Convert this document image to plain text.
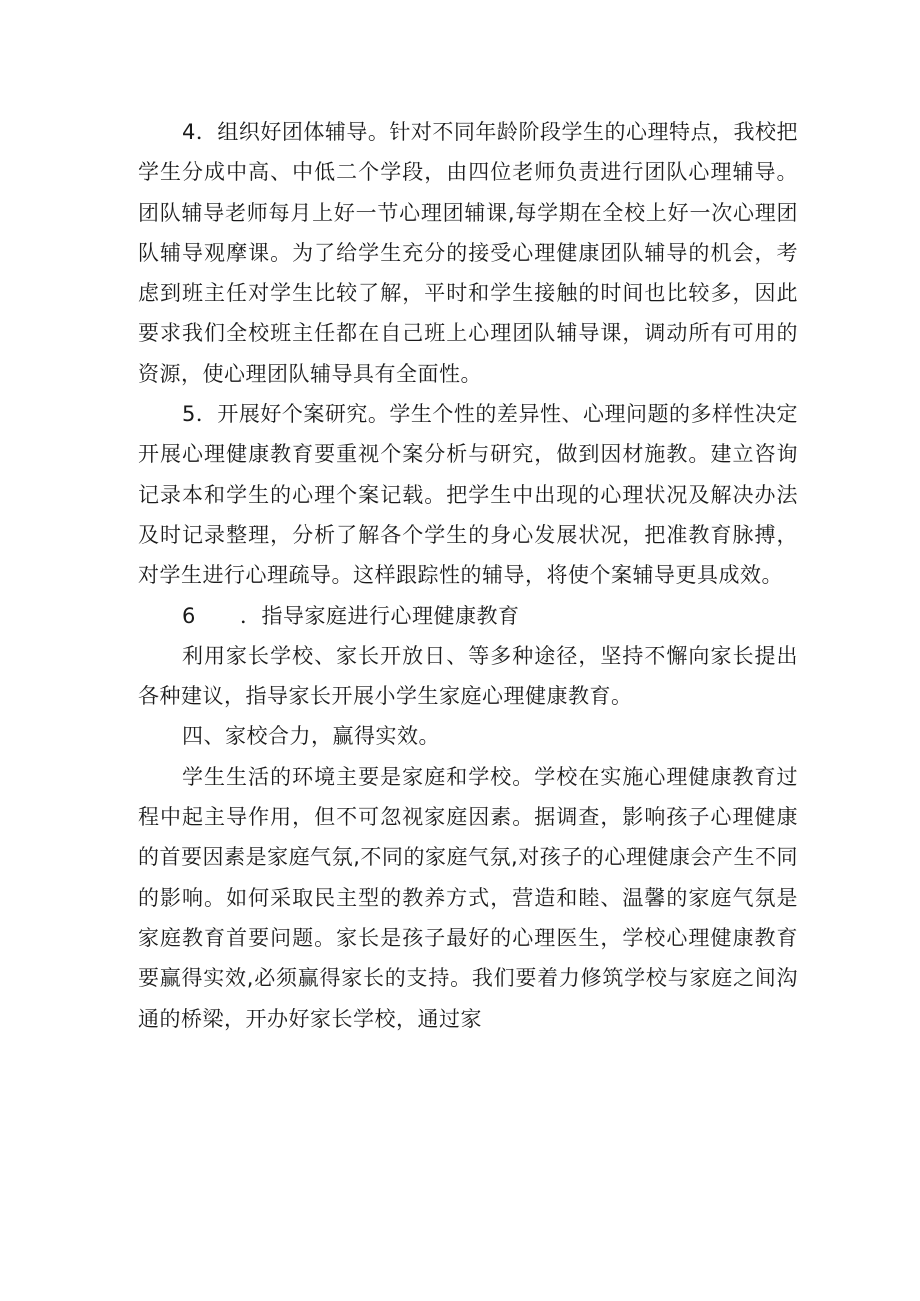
4．组织好团体辅导。针对不同年龄阶段学生的心理特点，我校把学生分成中高、中低二个学段，由四位老师负责进行团队心理辅导。团队辅导老师每月上好一节心理团辅课,每学期在全校上好一次心理团队辅导观摩课。为了给学生充分的接受心理健康团队辅导的机会，考虑到班主任对学生比较了解，平时和学生接触的时间也比较多，因此要求我们全校班主任都在自己班上心理团队辅导课，调动所有可用的资源，使心理团队辅导具有全面性。

5．开展好个案研究。学生个性的差异性、心理问题的多样性决定开展心理健康教育要重视个案分析与研究，做到因材施教。建立咨询记录本和学生的心理个案记载。把学生中出现的心理状况及解决办法及时记录整理，分析了解各个学生的身心发展状况，把准教育脉搏，对学生进行心理疏导。这样跟踪性的辅导，将使个案辅导更具成效。

6 ．指导家庭进行心理健康教育

利用家长学校、家长开放日、等多种途径，坚持不懈向家长提出各种建议，指导家长开展小学生家庭心理健康教育。

四、家校合力，赢得实效。

学生生活的环境主要是家庭和学校。学校在实施心理健康教育过程中起主导作用，但不可忽视家庭因素。据调查，影响孩子心理健康的首要因素是家庭气氛,不同的家庭气氛,对孩子的心理健康会产生不同的影响。如何采取民主型的教养方式，营造和睦、温馨的家庭气氛是家庭教育首要问题。家长是孩子最好的心理医生，学校心理健康教育要赢得实效,必须赢得家长的支持。我们要着力修筑学校与家庭之间沟通的桥梁，开办好家长学校，通过家
